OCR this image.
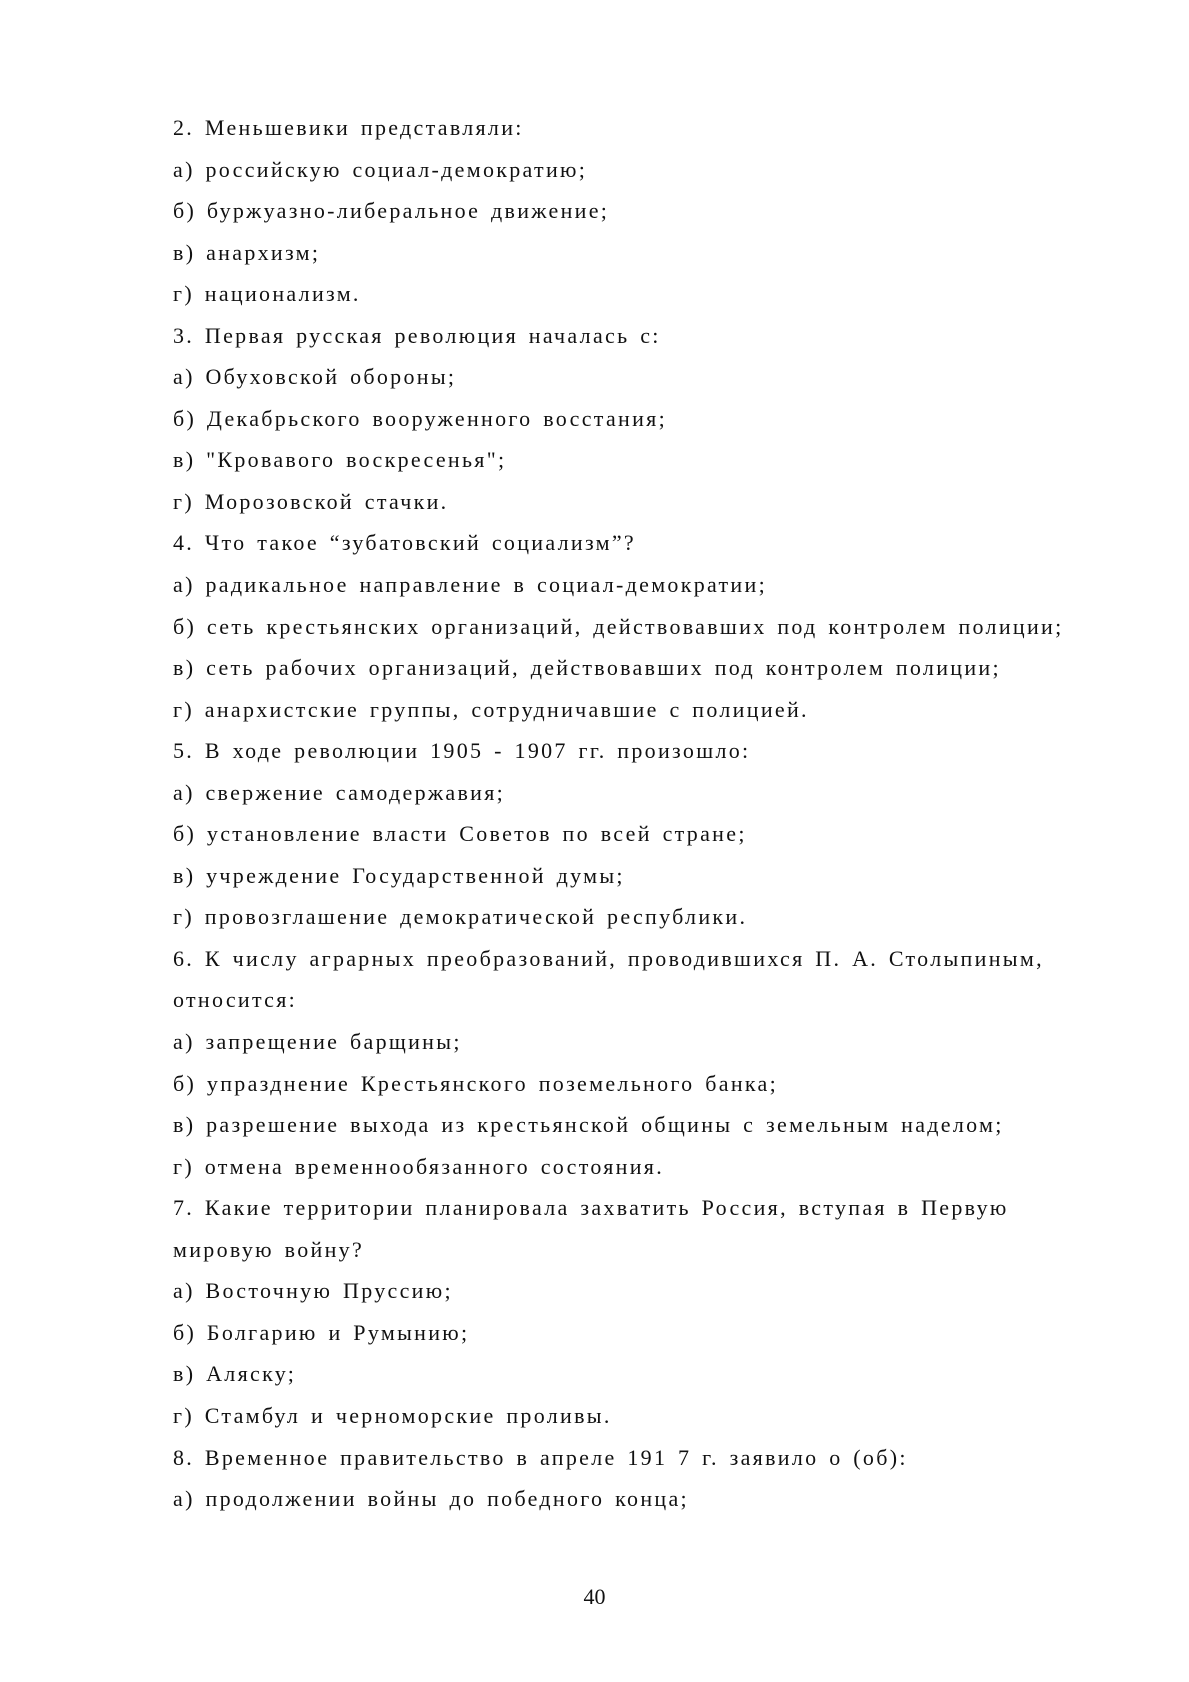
2. Меньшевики представляли:
а) российскую социал-демократию;
б) буржуазно-либеральное движение;
в) анархизм;
г) национализм.
3. Первая русская революция началась с:
а) Обуховской обороны;
б) Декабрьского вооруженного восстания;
в) "Кровавого воскресенья";
г) Морозовской стачки.
4. Что такое “зубатовский социализм”?
а) радикальное направление в социал-демократии;
б) сеть крестьянских организаций, действовавших под контролем полиции;
в) сеть рабочих организаций, действовавших под контролем полиции;
г) анархистские группы, сотрудничавшие с полицией.
5. В ходе революции 1905 - 1907 гг. произошло:
а) свержение самодержавия;
б) установление власти Советов по всей стране;
в) учреждение Государственной думы;
г) провозглашение демократической республики.
6. К числу аграрных преобразований, проводившихся П. А. Столыпиным,
относится:
а) запрещение барщины;
б) упразднение Крестьянского поземельного банка;
в) разрешение выхода из крестьянской общины с земельным наделом;
г) отмена временнообязанного состояния.
7. Какие территории планировала захватить Россия, вступая в Первую
мировую войну?
а) Восточную Пруссию;
б) Болгарию и Румынию;
в) Аляску;
г) Стамбул и черноморские проливы.
8. Временное правительство в апреле 191 7 г. заявило о (об):
а) продолжении войны до победного конца;
40
